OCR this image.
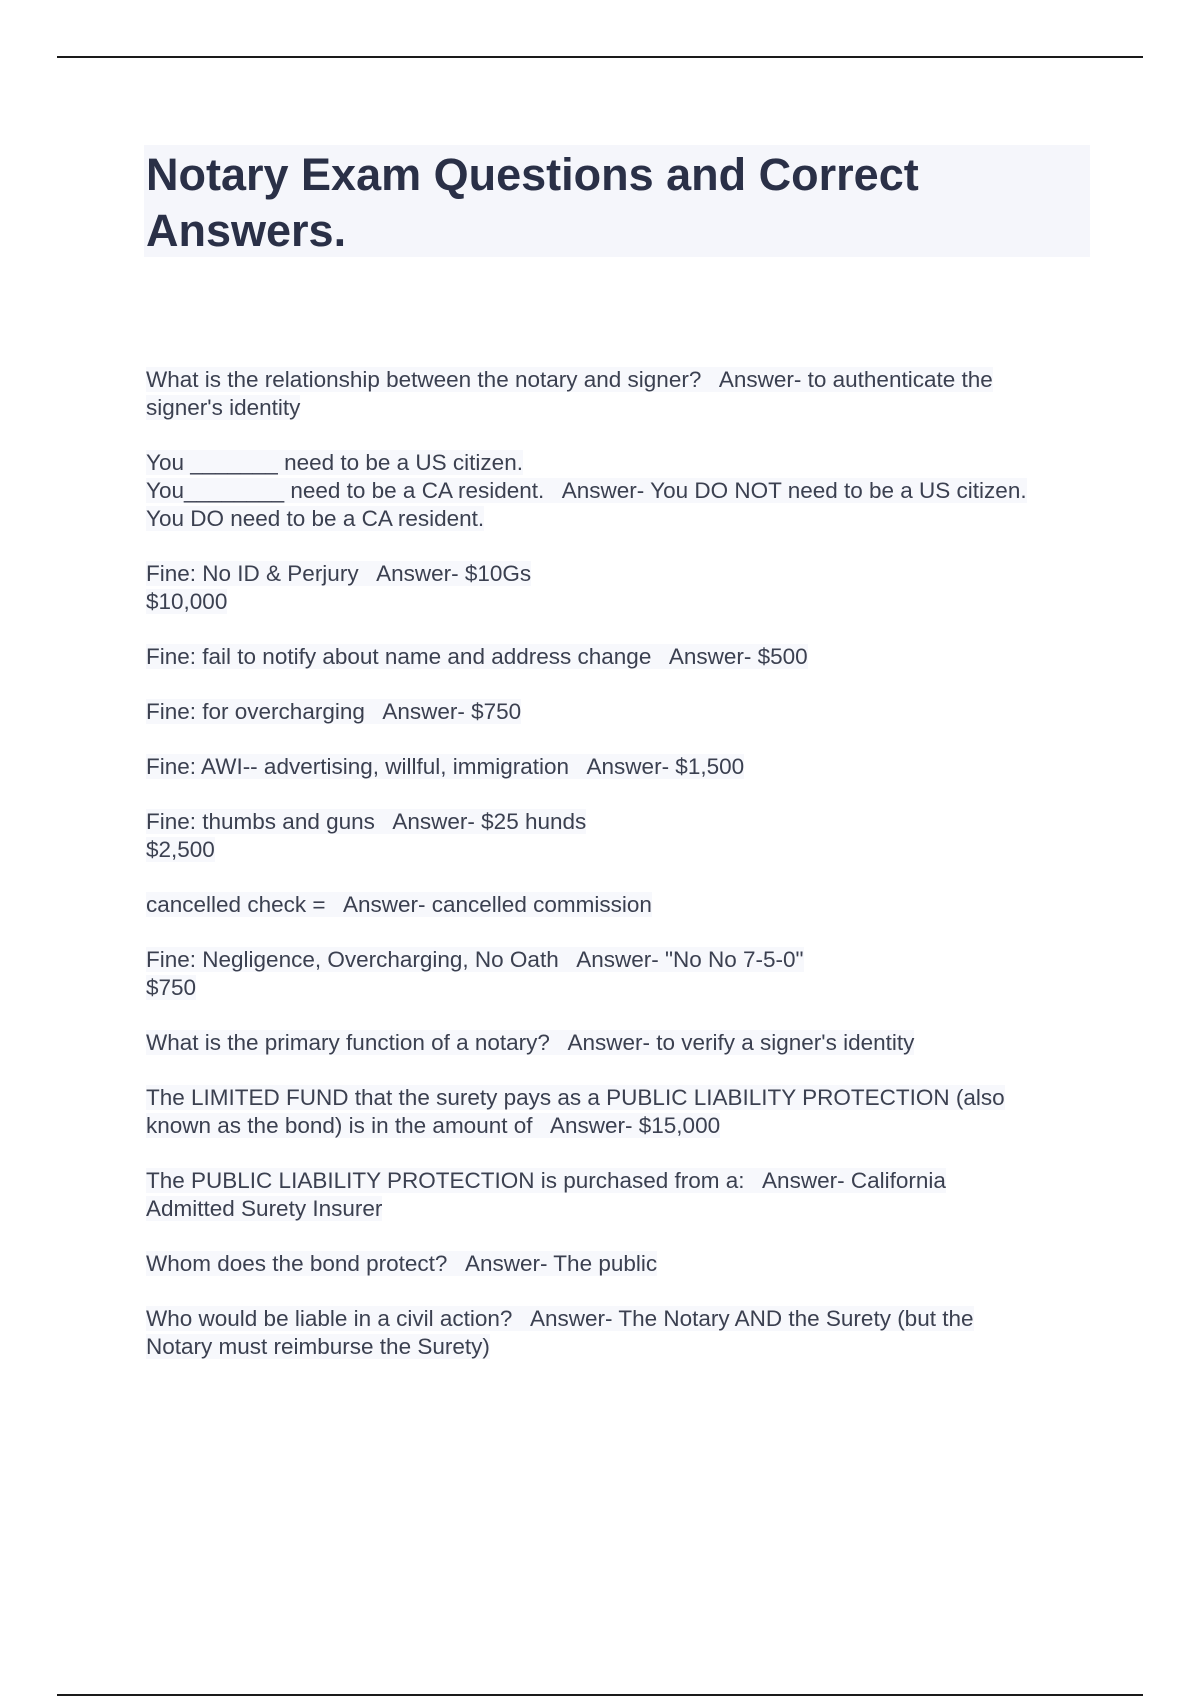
Notary Exam Questions and Correct
Answers.

What is the relationship between the notary and signer?   Answer- to authenticate the
signer's identity

You _______ need to be a US citizen.
You________ need to be a CA resident.   Answer- You DO NOT need to be a US citizen.
You DO need to be a CA resident.

Fine: No ID & Perjury   Answer- $10Gs
$10,000

Fine: fail to notify about name and address change   Answer- $500

Fine: for overcharging   Answer- $750

Fine: AWI-- advertising, willful, immigration   Answer- $1,500

Fine: thumbs and guns   Answer- $25 hunds
$2,500

cancelled check =   Answer- cancelled commission

Fine: Negligence, Overcharging, No Oath   Answer- "No No 7-5-0"
$750

What is the primary function of a notary?   Answer- to verify a signer's identity

The LIMITED FUND that the surety pays as a PUBLIC LIABILITY PROTECTION (also
known as the bond) is in the amount of   Answer- $15,000

The PUBLIC LIABILITY PROTECTION is purchased from a:   Answer- California
Admitted Surety Insurer

Whom does the bond protect?   Answer- The public

Who would be liable in a civil action?   Answer- The Notary AND the Surety (but the
Notary must reimburse the Surety)
